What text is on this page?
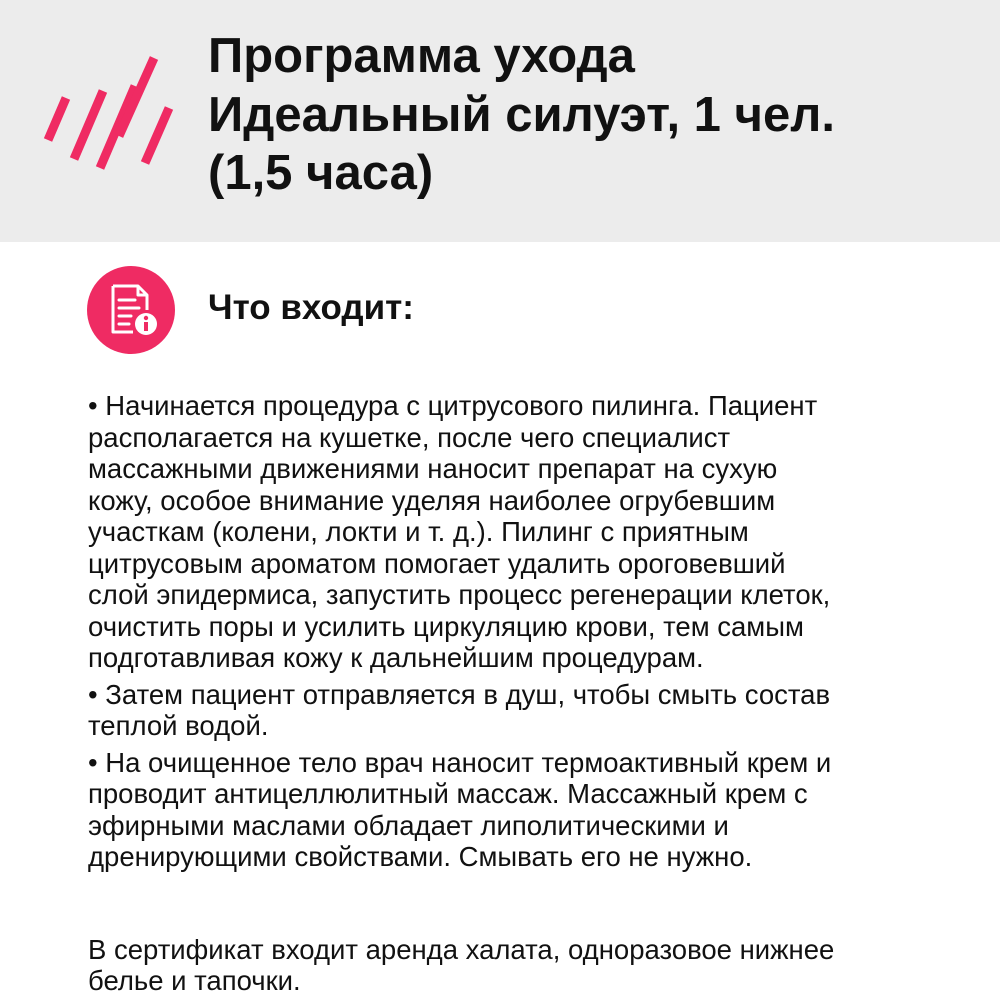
Программа ухода
Идеальный силуэт, 1 чел.
(1,5 часа)
Что входит:

• Начинается процедура с цитрусового пилинга. Пациент
располагается на кушетке, после чего специалист
массажными движениями наносит препарат на сухую
кожу, особое внимание уделяя наиболее огрубевшим
участкам (колени, локти и т. д.). Пилинг с приятным
цитрусовым ароматом помогает удалить ороговевший
слой эпидермиса, запустить процесс регенерации клеток,
очистить поры и усилить циркуляцию крови, тем самым
подготавливая кожу к дальнейшим процедурам.

• Затем пациент отправляется в душ, чтобы смыть состав
теплой водой.

• На очищенное тело врач наносит термоактивный крем и
проводит антицеллюлитный массаж. Массажный крем с
эфирными маслами обладает липолитическими и
дренирующими свойствами. Смывать его не нужно.

В сертификат входит аренда халата, одноразовое нижнее
белье и тапочки.
